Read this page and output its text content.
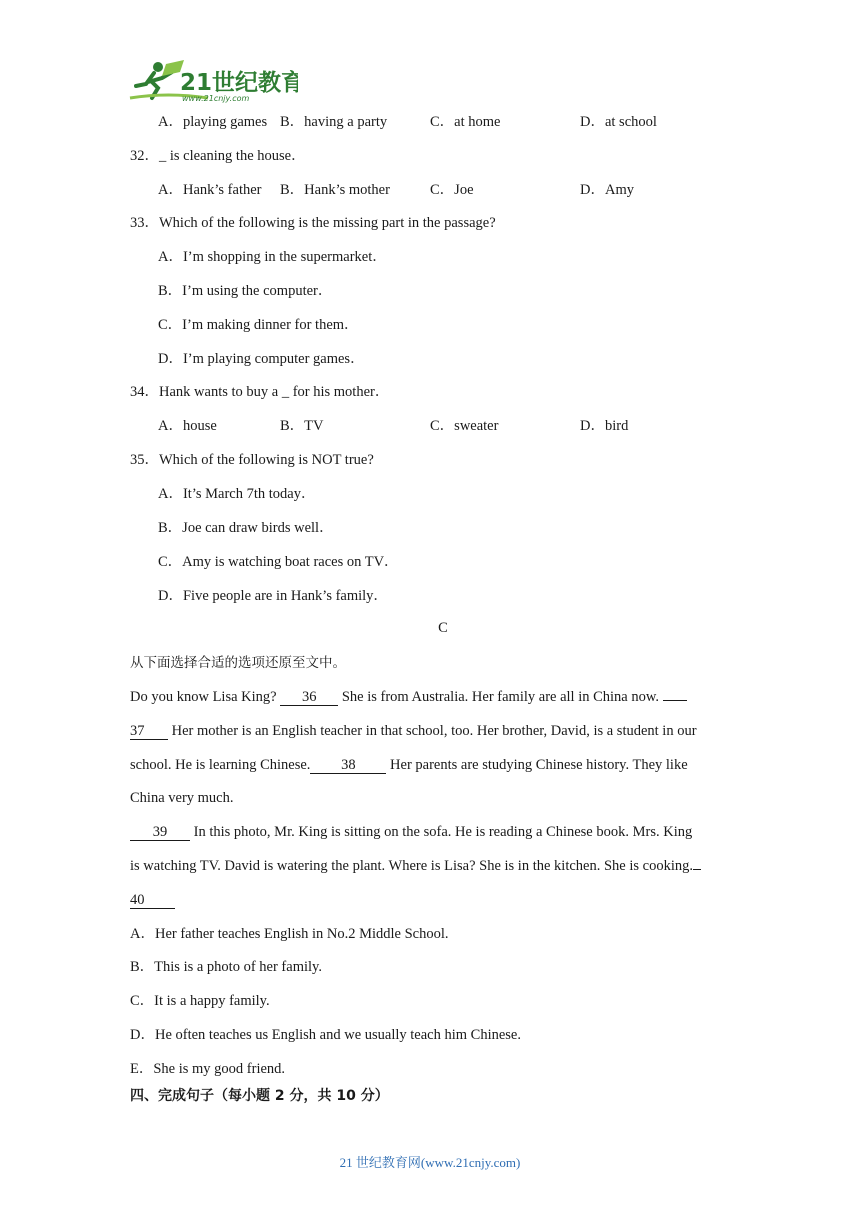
21世纪教育
www.21cnjy.com
A．playing games B．having a party	C．at home	D．at school
32．_ is cleaning the house．
A．Hank’s father B．Hank’s mother	C．Joe	D．Amy
33．Which of the following is the missing part in the passage?
A．I’m shopping in the supermarket．
B．I’m using the computer．
C．I’m making dinner for them．
D．I’m playing computer games．
34．Hank wants to buy a _ for his mother．
A．house	B．TV	C．sweater	D．bird
35．Which of the following is NOT true?
A．It’s March 7th today．
B．Joe can draw birds well．
C．Amy is watching boat races on TV．
D．Five people are in Hank’s family．
C
从下面选择合适的选项还原至文中。
Do you know Lisa King? 36 She is from Australia. Her family are all in China now.
37 Her mother is an English teacher in that school, too. Her brother, David, is a student in our
school. He is learning Chinese. 38 Her parents are studying Chinese history. They like
China very much.
39 In this photo, Mr. King is sitting on the sofa. He is reading a Chinese book. Mrs. King
is watching TV. David is watering the plant. Where is Lisa? She is in the kitchen. She is cooking.
40
A．Her father teaches English in No.2 Middle School.
B．This is a photo of her family.
C．It is a happy family.
D．He often teaches us English and we usually teach him Chinese.
E．She is my good friend.
四、完成句子（每小题 2 分，共 10 分）
21 世纪教育网(www.21cnjy.com)
